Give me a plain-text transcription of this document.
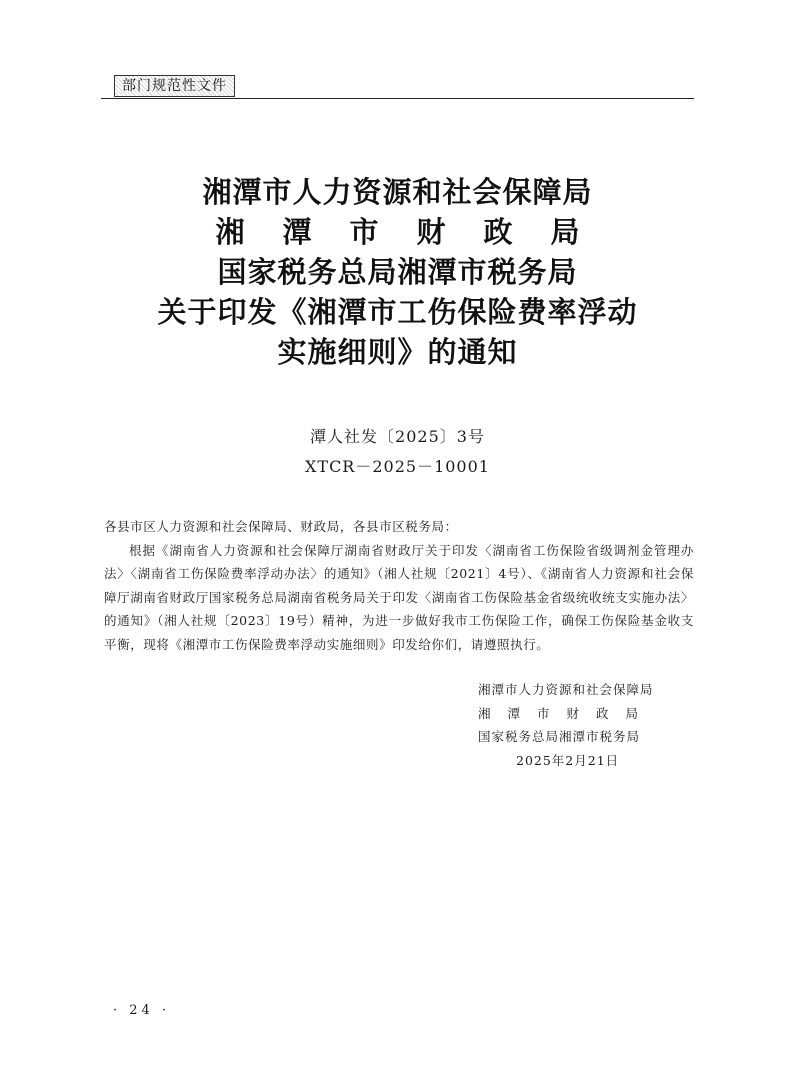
部门规范性文件
湘潭市人力资源和社会保障局
湘潭市财政局
国家税务总局湘潭市税务局
关于印发《湘潭市工伤保险费率浮动
实施细则》的通知
潭人社发〔2025〕3号
XTCR－2025－10001

各县市区人力资源和社会保障局、财政局，各县市区税务局：

根据《湖南省人力资源和社会保障厅湖南省财政厅关于印发〈湖南省工伤保险省级调剂金管理办法〉〈湖南省工伤保险费率浮动办法〉的通知》（湘人社规〔2021〕4号）、《湖南省人力资源和社会保障厅湖南省财政厅国家税务总局湖南省税务局关于印发〈湖南省工伤保险基金省级统收统支实施办法〉的通知》（湘人社规〔2023〕19号）精神，为进一步做好我市工伤保险工作，确保工伤保险基金收支平衡，现将《湘潭市工伤保险费率浮动实施细则》印发给你们，请遵照执行。

湘潭市人力资源和社会保障局
湘潭市财政局
国家税务总局湘潭市税务局
2025年2月21日
· 24 ·
